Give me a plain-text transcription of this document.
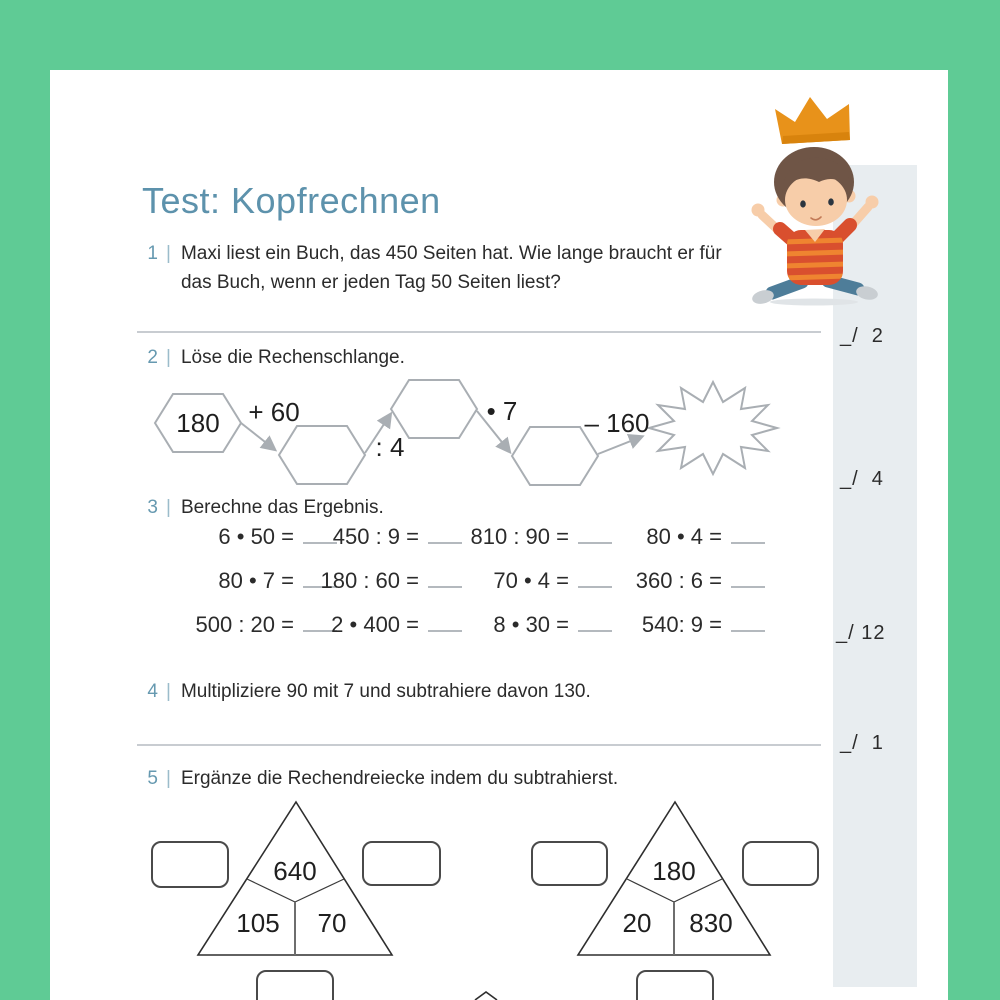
Test: Kopfrechnen
1 | Maxi liest ein Buch, das 450 Seiten hat. Wie lange braucht er für das Buch, wenn er jeden Tag 50 Seiten liest?
2 | Löse die Rechenschlange.
180 + 60
: 4
• 7	– 160
3 | Berechne das Ergebnis.
6 • 50 = 450 : 9 = 810 : 90 =	80 • 4 =
80 • 7 = 180 : 60 =	70 • 4 =	360 : 6 =
500 : 20 = 2 • 400 =	8 • 30 =	540: 9 =
4 | Multipliziere 90 mit 7 und subtrahiere davon 130.
5 | Ergänze die Rechendreiecke indem du subtrahierst.
640
105 70
180
20 830
_/  2
_/  4
_/ 12
_/  1
